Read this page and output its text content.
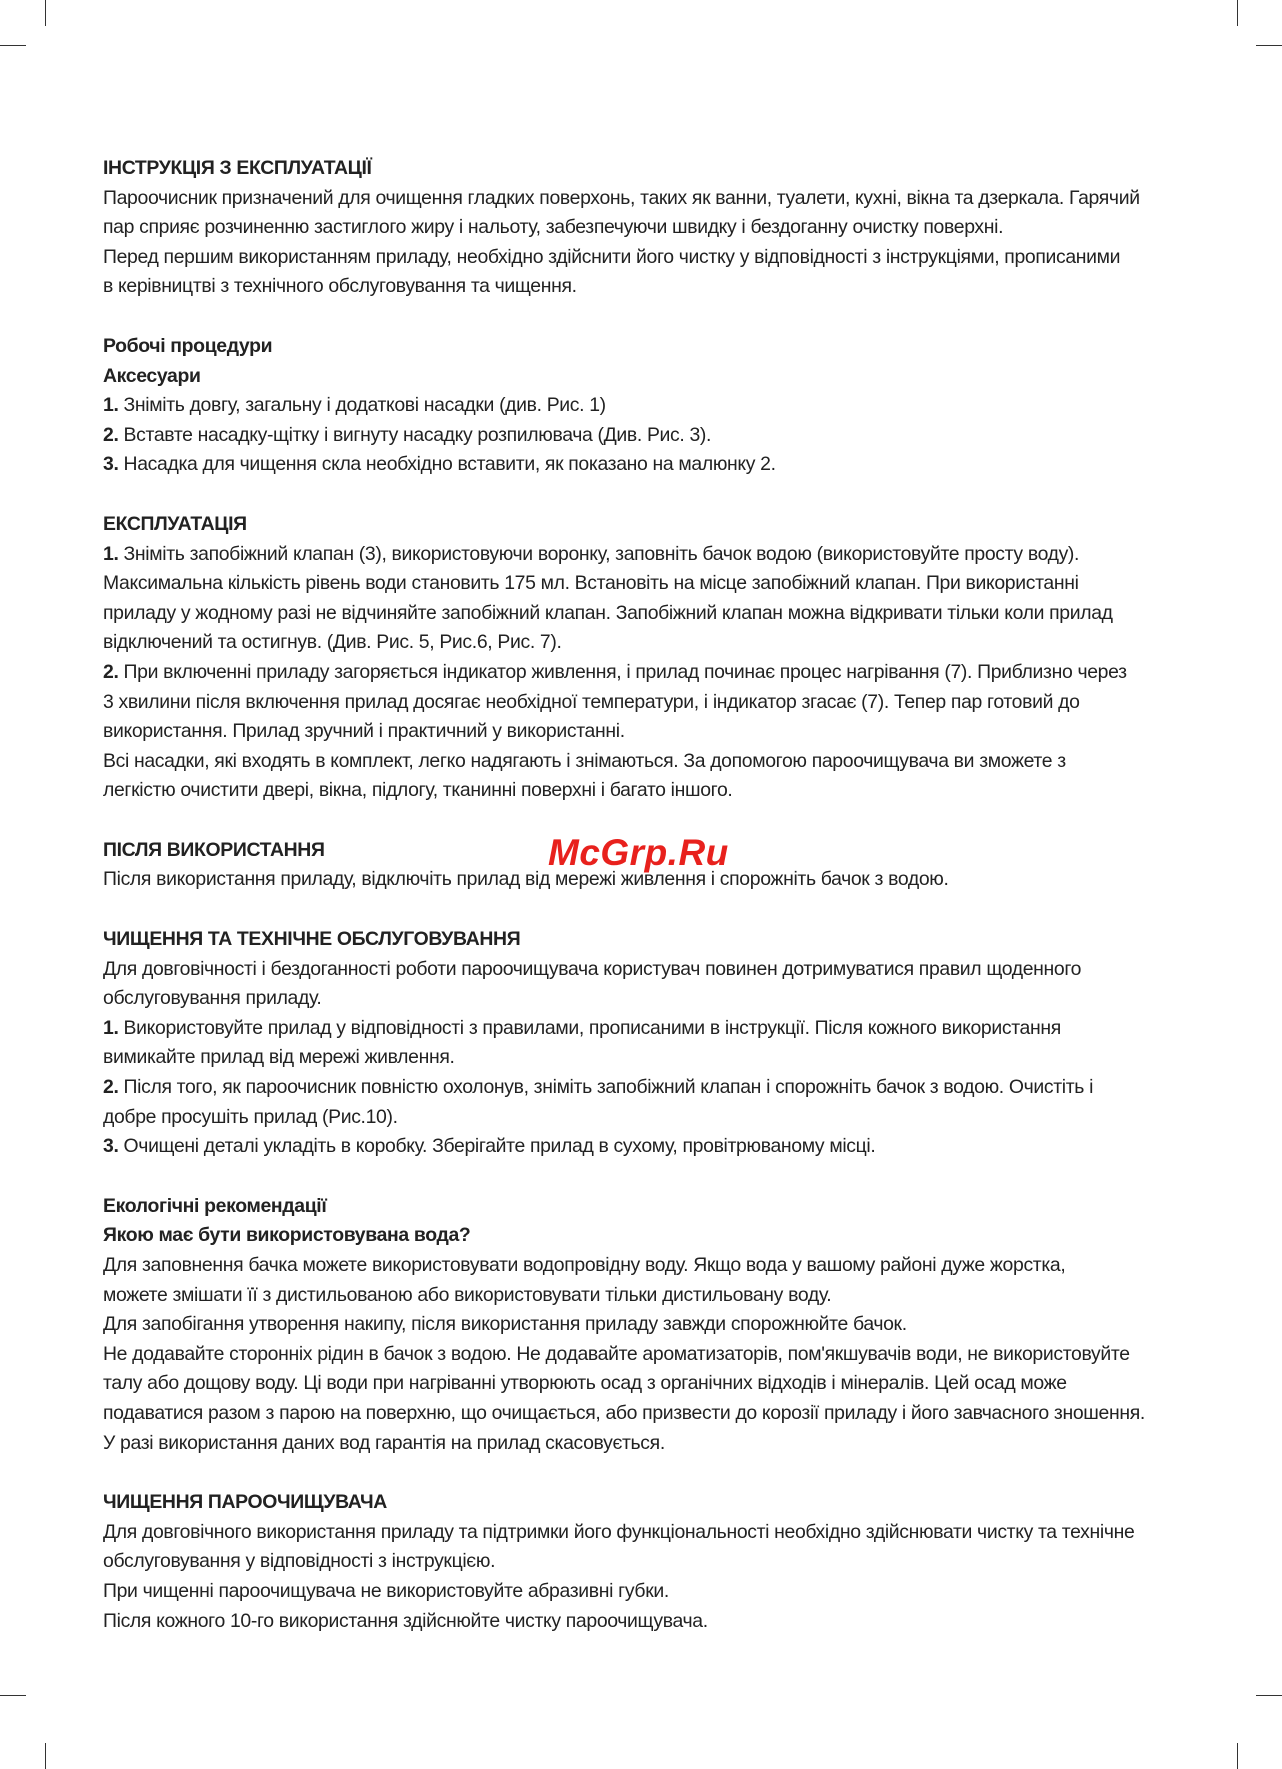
ІНСТРУКЦІЯ З ЕКСПЛУАТАЦІЇ

Пароочисник призначений для очищення гладких поверхонь, таких як ванни, туалети, кухні, вікна та дзеркала. Гарячий

пар сприяє розчиненню застиглого жиру і нальоту, забезпечуючи швидку і бездоганну очистку поверхні.

Перед першим використанням приладу, необхідно здійснити його чистку у відповідності з інструкціями, прописаними

в керівництві з технічного обслуговування та чищення.

Робочі процедури

Аксесуари

1. Зніміть довгу, загальну і додаткові насадки (див. Рис. 1)

2. Вставте насадку-щітку і вигнуту насадку розпилювача (Див. Рис. 3).

3. Насадка для чищення скла необхідно вставити, як показано на малюнку 2.

ЕКСПЛУАТАЦІЯ

1. Зніміть запобіжний клапан (3), використовуючи воронку, заповніть бачок водою (використовуйте просту воду).

Максимальна кількість рівень води становить 175 мл. Встановіть на місце запобіжний клапан. При використанні

приладу у жодному разі не відчиняйте запобіжний клапан. Запобіжний клапан можна відкривати тільки коли прилад

відключений та остигнув. (Див. Рис. 5, Рис.6, Рис. 7).

2. При включенні приладу загоряється індикатор живлення, і прилад починає процес нагрівання (7). Приблизно через

3 хвилини після включення прилад досягає необхідної температури, і індикатор згасає (7). Тепер пар готовий до

використання. Прилад зручний і практичний у використанні.

Всі насадки, які входять в комплект, легко надягають і знімаються. За допомогою пароочищувача ви зможете з

легкістю очистити двері, вікна, підлогу, тканинні поверхні і багато іншого.

ПІСЛЯ ВИКОРИСТАННЯ

Після використання приладу, відключіть прилад від мережі живлення і спорожніть бачок з водою.

ЧИЩЕННЯ ТА ТЕХНІЧНЕ ОБСЛУГОВУВАННЯ

Для довговічності і бездоганності роботи пароочищувача користувач повинен дотримуватися правил щоденного

обслуговування приладу.

1. Використовуйте прилад у відповідності з правилами, прописаними в інструкції. Після кожного використання

вимикайте прилад від мережі живлення.

2. Після того, як пароочисник повністю охолонув, зніміть запобіжний клапан і спорожніть бачок з водою. Очистіть і

добре просушіть прилад (Рис.10).

3. Очищені деталі укладіть в коробку. Зберігайте прилад в сухому, провітрюваному місці.

Екологічні рекомендації

Якою має бути використовувана вода?

Для заповнення бачка можете використовувати водопровідну воду. Якщо вода у вашому районі дуже жорстка,

можете змішати її з дистильованою або використовувати тільки дистильовану воду.

Для запобігання утворення накипу, після використання приладу завжди спорожнюйте бачок.

Не додавайте сторонніх рідин в бачок з водою. Не додавайте ароматизаторів, пом'якшувачів води, не використовуйте

талу або дощову воду. Ці води при нагріванні утворюють осад з органічних відходів і мінералів. Цей осад може

подаватися разом з парою на поверхню, що очищається, або призвести до корозії приладу і його завчасного зношення.

У разі використання даних вод гарантія на прилад скасовується.

ЧИЩЕННЯ ПАРООЧИЩУВАЧА

Для довговічного використання приладу та підтримки його функціональності необхідно здійснювати чистку та технічне

обслуговування у відповідності з інструкцією.

При чищенні пароочищувача не використовуйте абразивні губки.

Після кожного 10-го використання здійснюйте чистку пароочищувача.

McGrp.Ru
